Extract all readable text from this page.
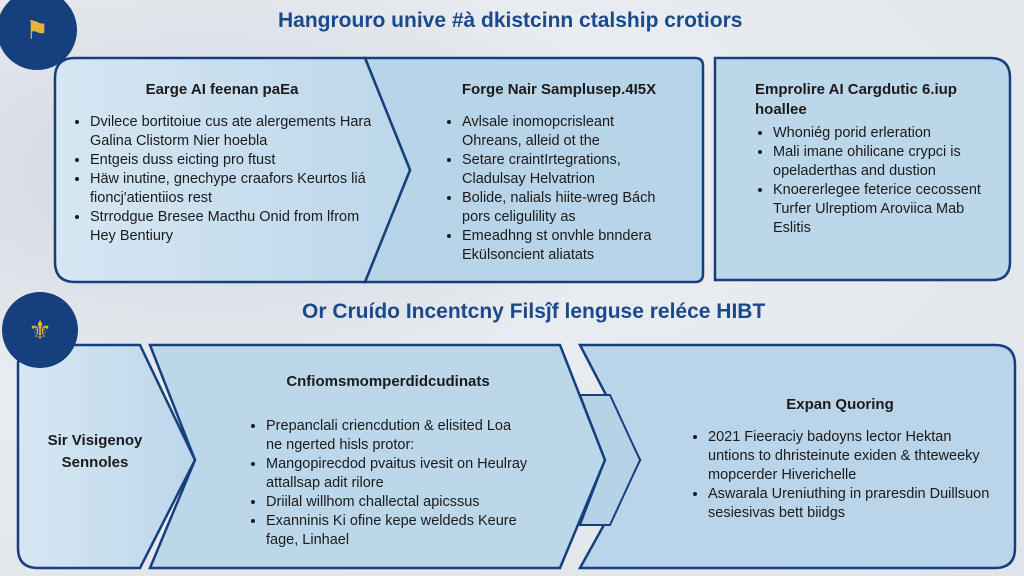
⚑
⚜
Hangrouro unive #à dkistcinn ctalship crotiors
Or Cruído Incentcny Filsĵf lenguse reléce HIBT
Earge AI feenan paEa
• Dvilece bortitoiue cus ate alergements Hara Galina Clistorm Nier hoebla
• Entgeis duss eicting pro ftust
• Häw inutine, gnechype craafors Keurtos liá fioncj'atientiios rest
• Strrodgue Bresee Macthu Onid from lfrom Hey Bentiury
Forge Nair Samplusep.4I5X
• Avlsale inomopcrisleant Ohreans, alleid ot the
• Setare craintIrtegrations, Cladulsay Helvatrion
• Bolide, nalials hiite-wreg Bách pors celigulility as
• Emeadhng st onvhle bnndera Ekülsoncient aliatats
Emprolire AI Cargdutic 6.iup hoallee
• Whoniég porid erleration
• Mali imane ohilicane crypci is opeladerthas and dustion
• Knoererlegee feterice cecossent Turfer Ulreptiom Aroviica Mab Eslitis
Sir Visigenoy Sennoles
Cnfiomsmomperdidcudinats
• Prepanclali criencdution & elisited Loa ne ngerted hisls protor:
• Mangopirecdod pvaitus ivesit on Heulray attallsap adit rilore
• Driilal willhom challectal apicssus
• Exanninis Ki ofine kepe weldeds Keure fage, Linhael
Expan Quoring
• 2021 Fieeraciy badoyns lector Hektan untions to dhristeinute exiden & thteweeky mopcerder Hiverichelle
• Aswarala Ureniuthing in praresdin Duillsuon sesiesivas bett biidgs
